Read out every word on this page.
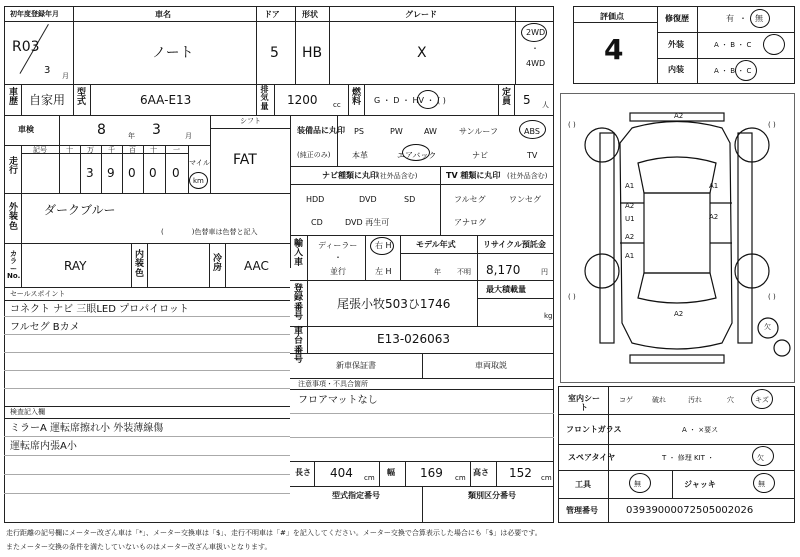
初年度登録年月	車名	ドア	形状	グレード
R03
3 月
ノート	5 HB	X
2WD
・
4WD
車歴 自家用 型式	6AA-E13
排気量 1200 cc
燃料 G ・ D ・ HV ・ ( )
定員 5 人
車検	8	年 3	月
シフト
FAT
走行
記号	十 万 千 百 十 一
3 9 0 0 0
マイル
km
外装色
ダークブルー
(　　　　)色替車は色替と記入
カラーNo.
RAY
内装色
冷房 AAC
セールスポイント
コネクト ナビ 三眼LED プロパイロット
フルセグ Bカメ
検査記入欄
ミラーA 運転席擦れ小 外装薄線傷
運転席内張A小
装備品に丸印
(純正のみ)
PS	PW	AW	サンルーフ	ABS
本革	エアバック	ナビ	TV
ナビ種類に丸印 (社外品含む)	TV 種類に丸印 (社外品含む)
HDD	DVD	SD
CD	DVD 再生可
フルセグ	ワンセグ
アナログ
輸入車
ディーラー
・
並行
右 H
左 H
モデル年式
年 不明
リサイクル預託金
8,170	円
登録番号
尾張小牧503ひ1746
最大積載量
kg
車台番号
E13-026063
新車保証書	車両取説
注意事項・不具合箇所
フロアマットなし
長さ 404 cm
幅 169 cm
高さ 152 cm
型式指定番号	類別区分番号
評価点
4
修復歴	有 ・ 無
外装	A ・ B ・ C
内装	A ・ B ・ C
A2
A1
A2
U1
A2
A1
A1
A2
A2
欠
( )	( )
( )	( )
室内シート
コゲ	破れ	汚れ	穴	キズ
フロントガラス	A ・ ×要ス
スペアタイヤ	T ・ 修理 KIT ・	欠
工具	無	ジャッキ	無
管理番号	03939000072505002026
走行距離の記号欄にメーター改ざん車は「*」、メーター交換車は「$」、走行不明車は「#」を記入してください。メーター交換で合算表示した場合にも「$」は必要です。
またメーター交換の条件を満たしていないものはメーター改ざん車扱いとなります。
